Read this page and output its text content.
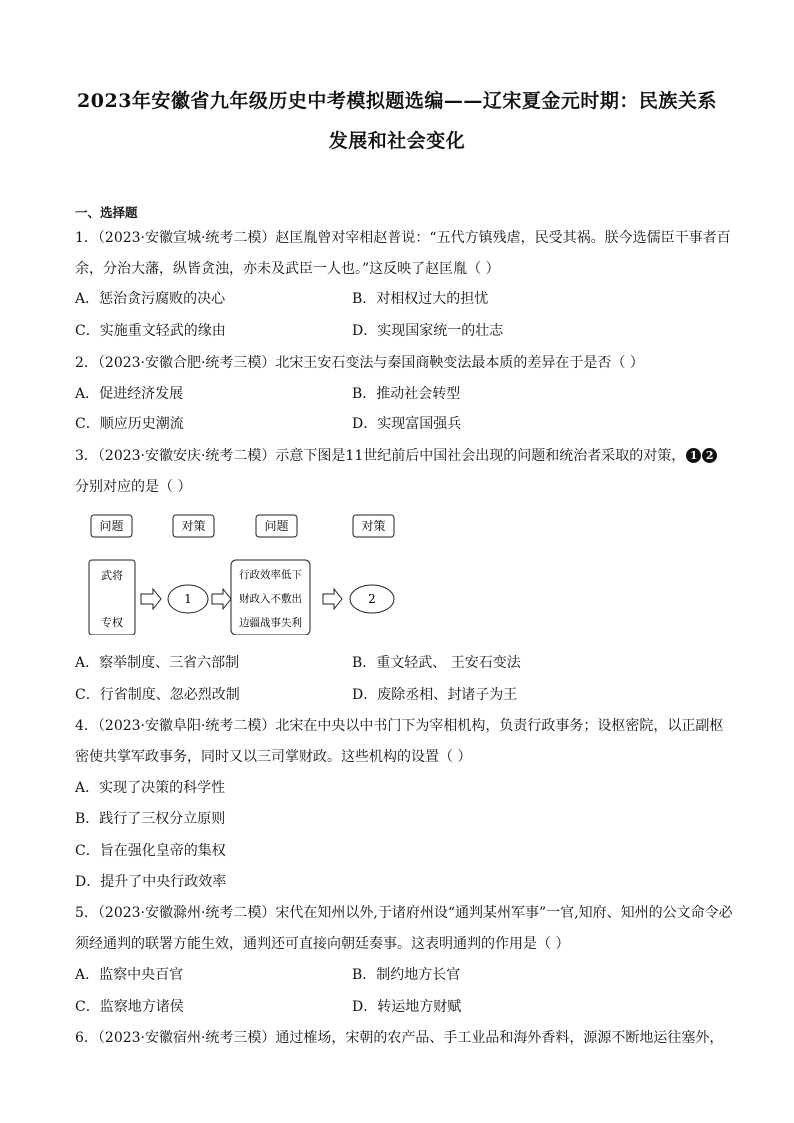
2023年安徽省九年级历史中考模拟题选编——辽宋夏金元时期：民族关系
发展和社会变化
一、选择题
1．（2023·安徽宣城·统考二模）赵匡胤曾对宰相赵普说：“五代方镇残虐，民受其祸。朕今选儒臣干事者百
余，分治大藩，纵皆贪浊，亦未及武臣一人也。”这反映了赵匡胤（ ）
A．惩治贪污腐败的决心	B．对相权过大的担忧
C．实施重文轻武的缘由	D．实现国家统一的壮志
2．（2023·安徽合肥·统考三模）北宋王安石变法与秦国商鞅变法最本质的差异在于是否（ ）
A．促进经济发展	B．推动社会转型
C．顺应历史潮流	D．实现富国强兵
3．（2023·安徽安庆·统考二模）示意下图是11世纪前后中国社会出现的问题和统治者采取的对策， 1 2
分别对应的是（ ）
问题	对策	问题	对策
武将
专权
1
行政效率低下
财政入不敷出
边疆战事失利
2
A．察举制度、三省六部制	B．重文轻武、 王安石变法
C．行省制度、忽必烈改制	D．废除丞相、封诸子为王
4．（2023·安徽阜阳·统考二模）北宋在中央以中书门下为宰相机构，负责行政事务；设枢密院，以正副枢
密使共掌军政事务，同时又以三司掌财政。这些机构的设置（ ）
A．实现了决策的科学性
B．践行了三权分立原则
C．旨在强化皇帝的集权
D．提升了中央行政效率
5．（2023·安徽滁州·统考二模）宋代在知州以外,于诸府州设“通判某州军事”一官,知府、知州的公文命令必
须经通判的联署方能生效，通判还可直接向朝廷奏事。这表明通判的作用是（ ）
A．监察中央百官	B．制约地方长官
C．监察地方诸侯	D．转运地方财赋
6．（2023·安徽宿州·统考三模）通过榷场，宋朝的农产品、手工业品和海外香料，源源不断地运往塞外，
